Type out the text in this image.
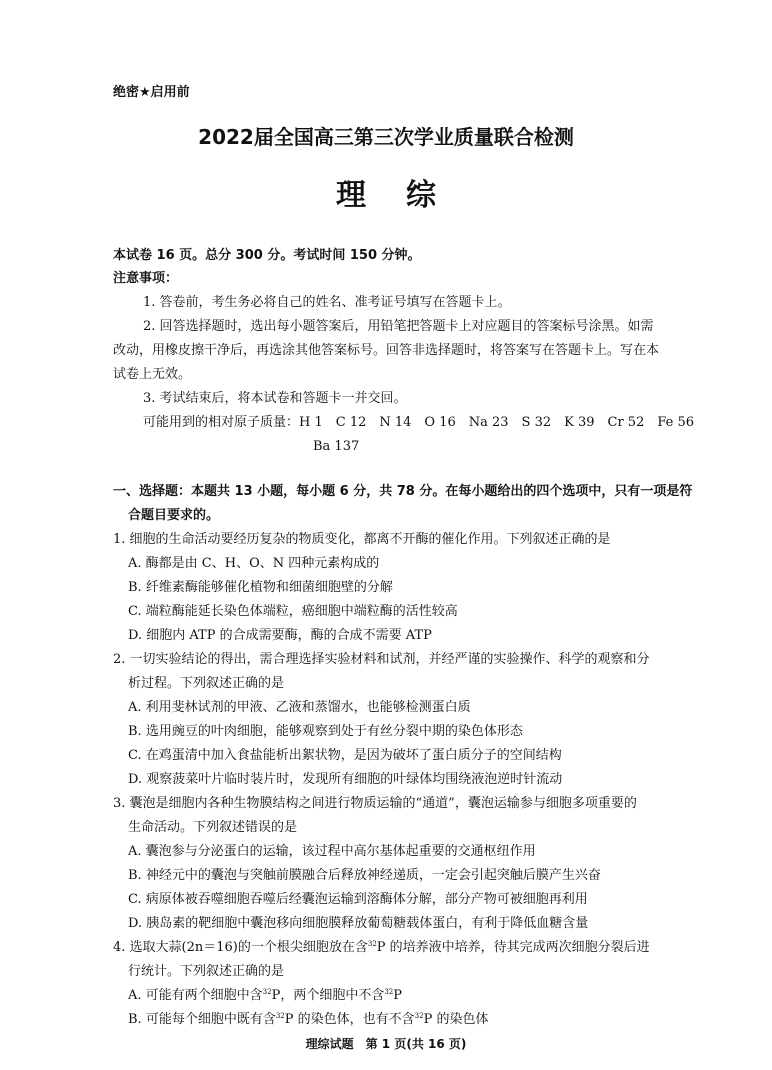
绝密★启用前
2022届全国高三第三次学业质量联合检测
理综
本试卷 16 页。总分 300 分。考试时间 150 分钟。
注意事项：
1. 答卷前，考生务必将自己的姓名、准考证号填写在答题卡上。
2. 回答选择题时，选出每小题答案后，用铅笔把答题卡上对应题目的答案标号涂黑。如需
改动，用橡皮擦干净后，再选涂其他答案标号。回答非选择题时，将答案写在答题卡上。写在本
试卷上无效。
3. 考试结束后，将本试卷和答题卡一并交回。
可能用到的相对原子质量：H 1　C 12　N 14　O 16　Na 23　S 32　K 39　Cr 52　Fe 56
Ba 137
一、选择题：本题共 13 小题，每小题 6 分，共 78 分。在每小题给出的四个选项中，只有一项是符
合题目要求的。
1. 细胞的生命活动要经历复杂的物质变化，都离不开酶的催化作用。下列叙述正确的是
A. 酶都是由 C、H、O、N 四种元素构成的
B. 纤维素酶能够催化植物和细菌细胞壁的分解
C. 端粒酶能延长染色体端粒，癌细胞中端粒酶的活性较高
D. 细胞内 ATP 的合成需要酶，酶的合成不需要 ATP
2. 一切实验结论的得出，需合理选择实验材料和试剂，并经严谨的实验操作、科学的观察和分
析过程。下列叙述正确的是
A. 利用斐林试剂的甲液、乙液和蒸馏水，也能够检测蛋白质
B. 选用豌豆的叶肉细胞，能够观察到处于有丝分裂中期的染色体形态
C. 在鸡蛋清中加入食盐能析出絮状物，是因为破坏了蛋白质分子的空间结构
D. 观察菠菜叶片临时装片时，发现所有细胞的叶绿体均围绕液泡逆时针流动
3. 囊泡是细胞内各种生物膜结构之间进行物质运输的“通道”，囊泡运输参与细胞多项重要的
生命活动。下列叙述错误的是
A. 囊泡参与分泌蛋白的运输，该过程中高尔基体起重要的交通枢纽作用
B. 神经元中的囊泡与突触前膜融合后释放神经递质，一定会引起突触后膜产生兴奋
C. 病原体被吞噬细胞吞噬后经囊泡运输到溶酶体分解，部分产物可被细胞再利用
D. 胰岛素的靶细胞中囊泡移向细胞膜释放葡萄糖载体蛋白，有利于降低血糖含量
4. 选取大蒜(2n＝16)的一个根尖细胞放在含$^{32}$P 的培养液中培养，待其完成两次细胞分裂后进
行统计。下列叙述正确的是
A. 可能有两个细胞中含$^{32}$P，两个细胞中不含$^{32}$P
B. 可能每个细胞中既有含$^{32}$P 的染色体，也有不含$^{32}$P 的染色体
理综试题　第 1 页(共 16 页)
